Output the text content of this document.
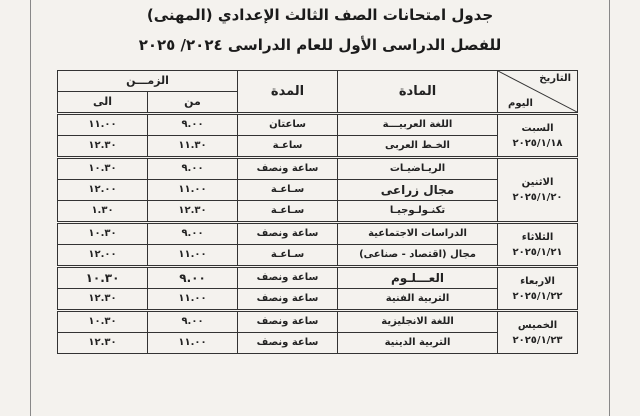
جدول امتحانات الصف الثالث الإعدادي (المهنى)
للفصل الدراسى الأول للعام الدراسى ٢٠٢٤/ ٢٠٢٥
التاريخ
اليوم	المادة	المدة	الزمـــن	
			من	الى

السبت
٢٠٢٥/١/١٨	اللغة العربيـــة	ساعتان	٩.٠٠	١١.٠٠
	الخـط العربى	ساعـة	١١.٣٠	١٢.٣٠

الاثنين
٢٠٢٥/١/٢٠	الريـاضيـات	ساعة ونصف	٩.٠٠	١٠.٣٠
	مجال زراعى	سـاعـة	١١.٠٠	١٢.٠٠
	تكنـولـوجيـا	سـاعـة	١٢.٣٠	١.٣٠

الثلاثاء
٢٠٢٥/١/٢١	الدراسات الاجتماعية	ساعة ونصف	٩.٠٠	١٠.٣٠
	مجال (اقتصاد - صناعى)	سـاعـة	١١.٠٠	١٢.٠٠

الاربعاء
٢٠٢٥/١/٢٢	العـــلـوم	ساعة ونصف	٩.٠٠	١٠.٣٠
	التربية الفنية	ساعة ونصف	١١.٠٠	١٢.٣٠

الخميس
٢٠٢٥/١/٢٣	اللغة الانجليزية	ساعة ونصف	٩.٠٠	١٠.٣٠
	التربية الدينية	ساعة ونصف	١١.٠٠	١٢.٣٠
